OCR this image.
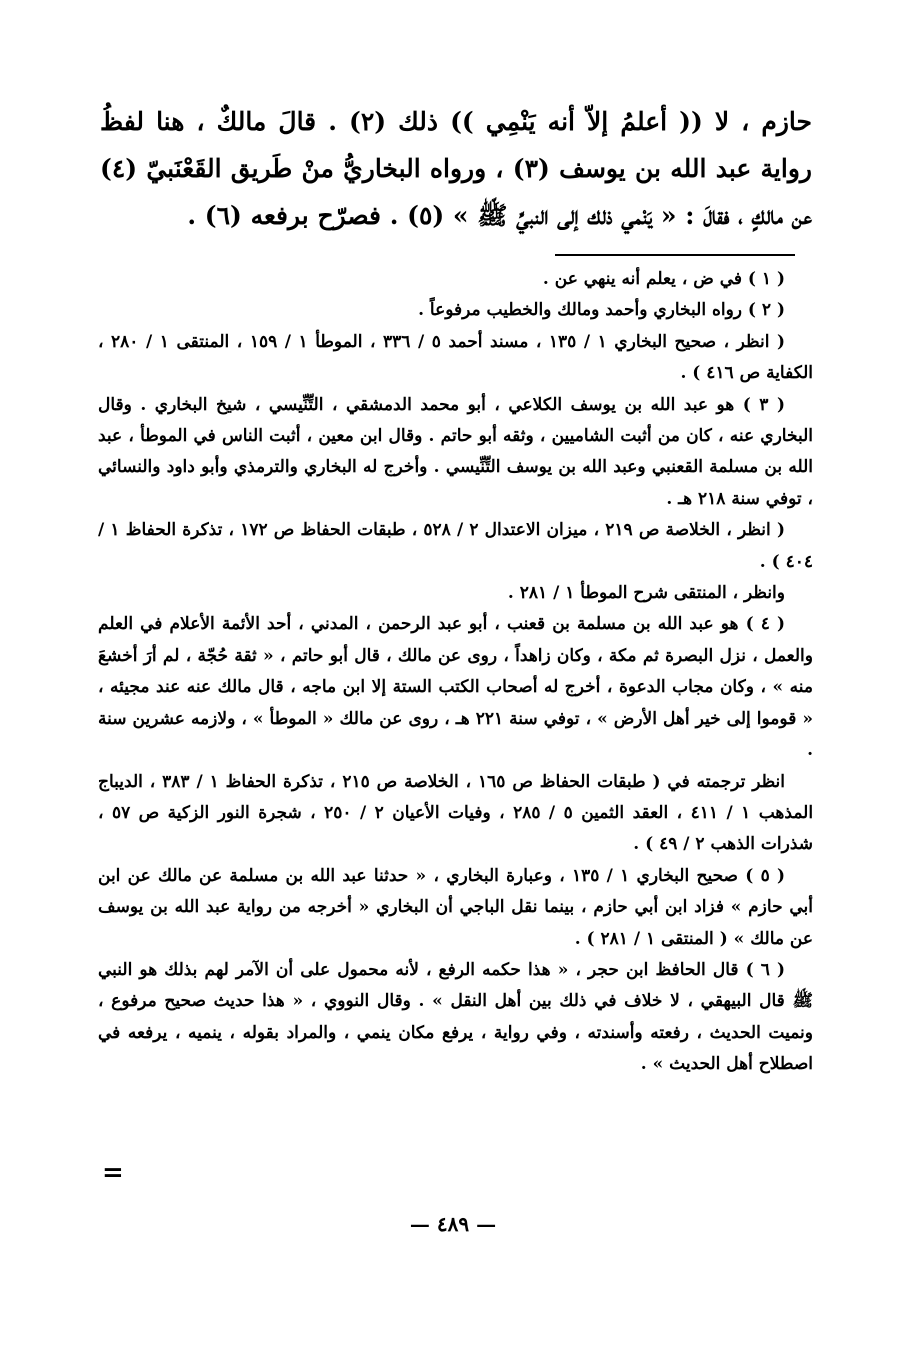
حازم ، لا (( أعلمُ إلاّ أنه يَنْمِي )) ذلك (٢) . قالَ مالكٌ ، هنا لفظُ رواية عبد الله بن يوسف (٣) ، ورواه البخاريُّ منْ طَريق القَعْنَبيّ (٤) عن مالكٍ ، فقالَ : « يَنْمي ذلك إلى النبيِّ ﷺ » (٥) . فصرّح برفعه (٦) .

( ١ ) في ض ، يعلم أنه ينهي عن .

( ٢ ) رواه البخاري وأحمد ومالك والخطيب مرفوعاً .

( انظر ، صحيح البخاري ١ / ١٣٥ ، مسند أحمد ٥ / ٣٣٦ ، الموطأ ١ / ١٥٩ ، المنتقى ١ / ٢٨٠ ، الكفاية ص ٤١٦ ) .

( ٣ ) هو عبد الله بن يوسف الكلاعي ، أبو محمد الدمشقي ، التِّنِّيسي ، شيخ البخاري . وقال البخاري عنه ، كان من أثبت الشاميين ، وثقه أبو حاتم . وقال ابن معين ، أثبت الناس في الموطأ ، عبد الله بن مسلمة القعنبي وعبد الله بن يوسف التِّنِّيسي . وأخرج له البخاري والترمذي وأبو داود والنسائي ، توفي سنة ٢١٨ هـ .

( انظر ، الخلاصة ص ٢١٩ ، ميزان الاعتدال ٢ / ٥٢٨ ، طبقات الحفاظ ص ١٧٢ ، تذكرة الحفاظ ١ / ٤٠٤ ) .

وانظر ، المنتقى شرح الموطأ ١ / ٢٨١ .

( ٤ ) هو عبد الله بن مسلمة بن قعنب ، أبو عبد الرحمن ، المدني ، أحد الأئمة الأعلام في العلم والعمل ، نزل البصرة ثم مكة ، وكان زاهداً ، روى عن مالك ، قال أبو حاتم ، « ثقة حُجّة ، لم أرَ أخشعَ منه » ، وكان مجاب الدعوة ، أخرج له أصحاب الكتب الستة إلا ابن ماجه ، قال مالك عنه عند مجيئه ، « قوموا إلى خير أهل الأرض » ، توفي سنة ٢٢١ هـ ، روى عن مالك « الموطأ » ، ولازمه عشرين سنة .

انظر ترجمته في ( طبقات الحفاظ ص ١٦٥ ، الخلاصة ص ٢١٥ ، تذكرة الحفاظ ١ / ٣٨٣ ، الديباج المذهب ١ / ٤١١ ، العقد الثمين ٥ / ٢٨٥ ، وفيات الأعيان ٢ / ٢٥٠ ، شجرة النور الزكية ص ٥٧ ، شذرات الذهب ٢ / ٤٩ ) .

( ٥ ) صحيح البخاري ١ / ١٣٥ ، وعبارة البخاري ، « حدثنا عبد الله بن مسلمة عن مالك عن ابن أبي حازم » فزاد ابن أبي حازم ، بينما نقل الباجي أن البخاري « أخرجه من رواية عبد الله بن يوسف عن مالك » ( المنتقى ١ / ٢٨١ ) .

( ٦ ) قال الحافظ ابن حجر ، « هذا حكمه الرفع ، لأنه محمول على أن الآمر لهم بذلك هو النبي ﷺ قال البيهقي ، لا خلاف في ذلك بين أهل النقل » . وقال النووي ، « هذا حديث صحيح مرفوع ، ونميت الحديث ، رفعته وأسندته ، وفي رواية ، يرفع مكان ينمي ، والمراد بقوله ، ينميه ، يرفعه في اصطلاح أهل الحديث » .

=
— ٤٨٩ —
